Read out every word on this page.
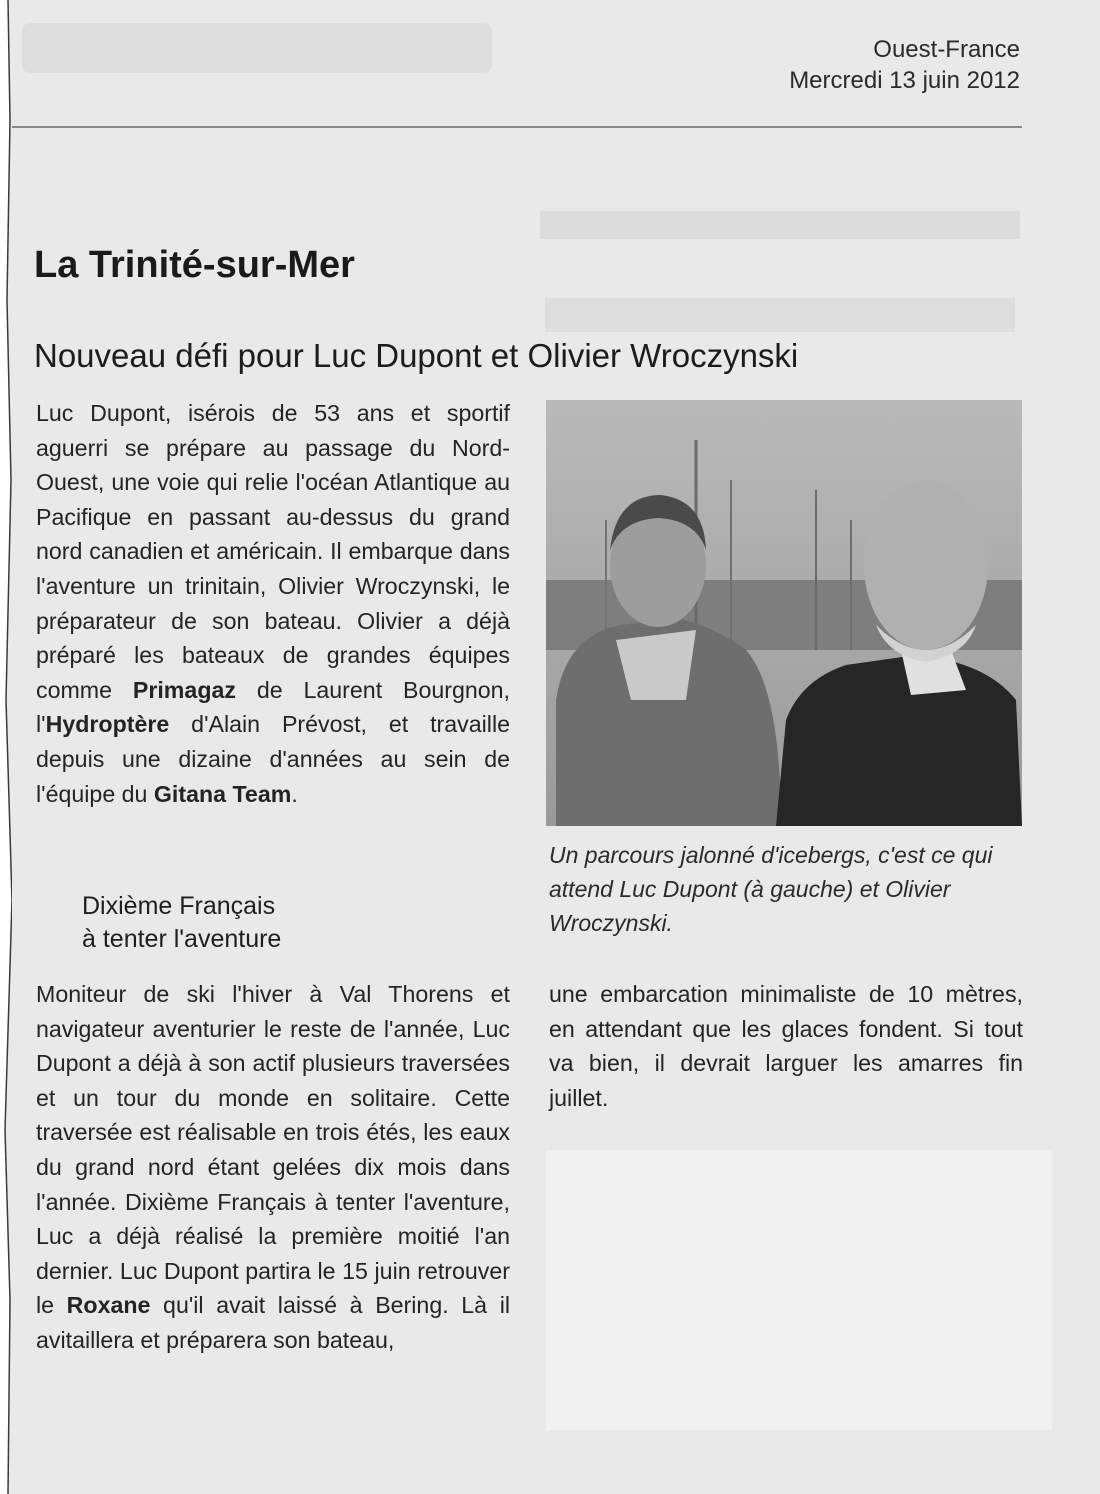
Ouest-France
Mercredi 13 juin 2012
La Trinité-sur-Mer
Nouveau défi pour Luc Dupont et Olivier Wroczynski
Luc Dupont, isérois de 53 ans et sportif aguerri se prépare au passage du Nord-Ouest, une voie qui relie l'océan Atlantique au Pacifique en passant au-dessus du grand nord canadien et américain. Il embarque dans l'aventure un trinitain, Olivier Wroczynski, le préparateur de son bateau. Olivier a déjà préparé les bateaux de grandes équipes comme Primagaz de Laurent Bourgnon, l'Hydroptère d'Alain Prévost, et travaille depuis une dizaine d'années au sein de l'équipe du Gitana Team.
Un parcours jalonné d'icebergs, c'est ce qui attend Luc Dupont (à gauche) et Olivier Wroczynski.
Dixième Français
à tenter l'aventure
Moniteur de ski l'hiver à Val Thorens et navigateur aventurier le reste de l'année, Luc Dupont a déjà à son actif plusieurs traversées et un tour du monde en solitaire. Cette traversée est réalisable en trois étés, les eaux du grand nord étant gelées dix mois dans l'année. Dixième Français à tenter l'aventure, Luc a déjà réalisé la première moitié l'an dernier. Luc Dupont partira le 15 juin retrouver le Roxane qu'il avait laissé à Bering. Là il avitaillera et préparera son bateau,
une embarcation minimaliste de 10 mètres, en attendant que les glaces fondent. Si tout va bien, il devrait larguer les amarres fin juillet.
